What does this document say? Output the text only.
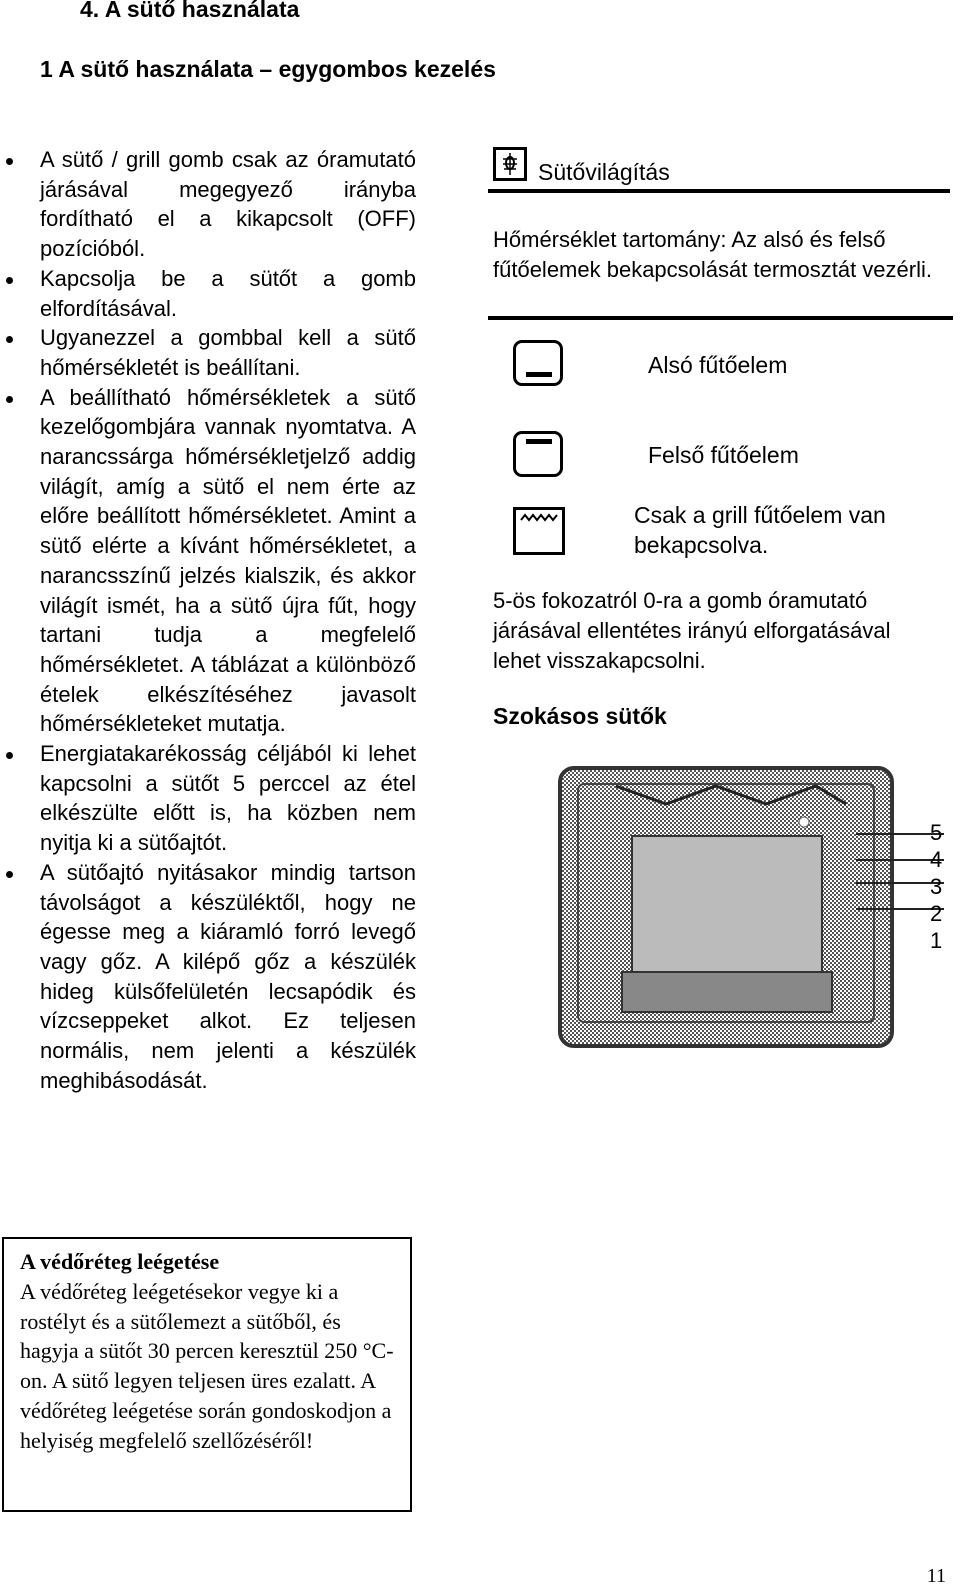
4. A sütő használata
1 A sütő használata – egygombos kezelés
A sütő / grill gomb csak az óramutató járásával megegyező irányba fordítható el a kikapcsolt (OFF) pozícióból.
Kapcsolja be a sütőt a gomb elfordításával.
Ugyanezzel a gombbal kell a sütő hőmérsékletét is beállítani.
A beállítható hőmérsékletek a sütő kezelőgombjára vannak nyomtatva. A narancssárga hőmérsékletjelző addig világít, amíg a sütő el nem érte az előre beállított hőmérsékletet. Amint a sütő elérte a kívánt hőmérsékletet, a narancsszínű jelzés kialszik, és akkor világít ismét, ha a sütő újra fűt, hogy tartani tudja a megfelelő hőmérsékletet. A táblázat a különböző ételek elkészítéséhez javasolt hőmérsékleteket mutatja.
Energiatakarékosság céljából ki lehet kapcsolni a sütőt 5 perccel az étel elkészülte előtt is, ha közben nem nyitja ki a sütőajtót.
A sütőajtó nyitásakor mindig tartson távolságot a készüléktől, hogy ne égesse meg a kiáramló forró levegő vagy gőz. A kilépő gőz a készülék hideg külsőfelületén lecsapódik és vízcseppeket alkot. Ez teljesen normális, nem jelenti a készülék meghibásodását.
A védőréteg leégetése
A védőréteg leégetésekor vegye ki a rostélyt és a sütőlemezt a sütőből, és hagyja a sütőt 30 percen keresztül 250 °C-on. A sütő legyen teljesen üres ezalatt. A védőréteg leégetése során gondoskodjon a helyiség megfelelő szellőzéséről!
Sütővilágítás
Hőmérséklet tartomány: Az alsó és felső fűtőelemek bekapcsolását termosztát vezérli.
Alsó fűtőelem
Felső fűtőelem
Csak a grill fűtőelem van bekapcsolva.
5-ös fokozatról 0-ra a gomb óramutató járásával ellentétes irányú elforgatásával lehet visszakapcsolni.
Szokásos sütők
5
4
3
2
1
11
